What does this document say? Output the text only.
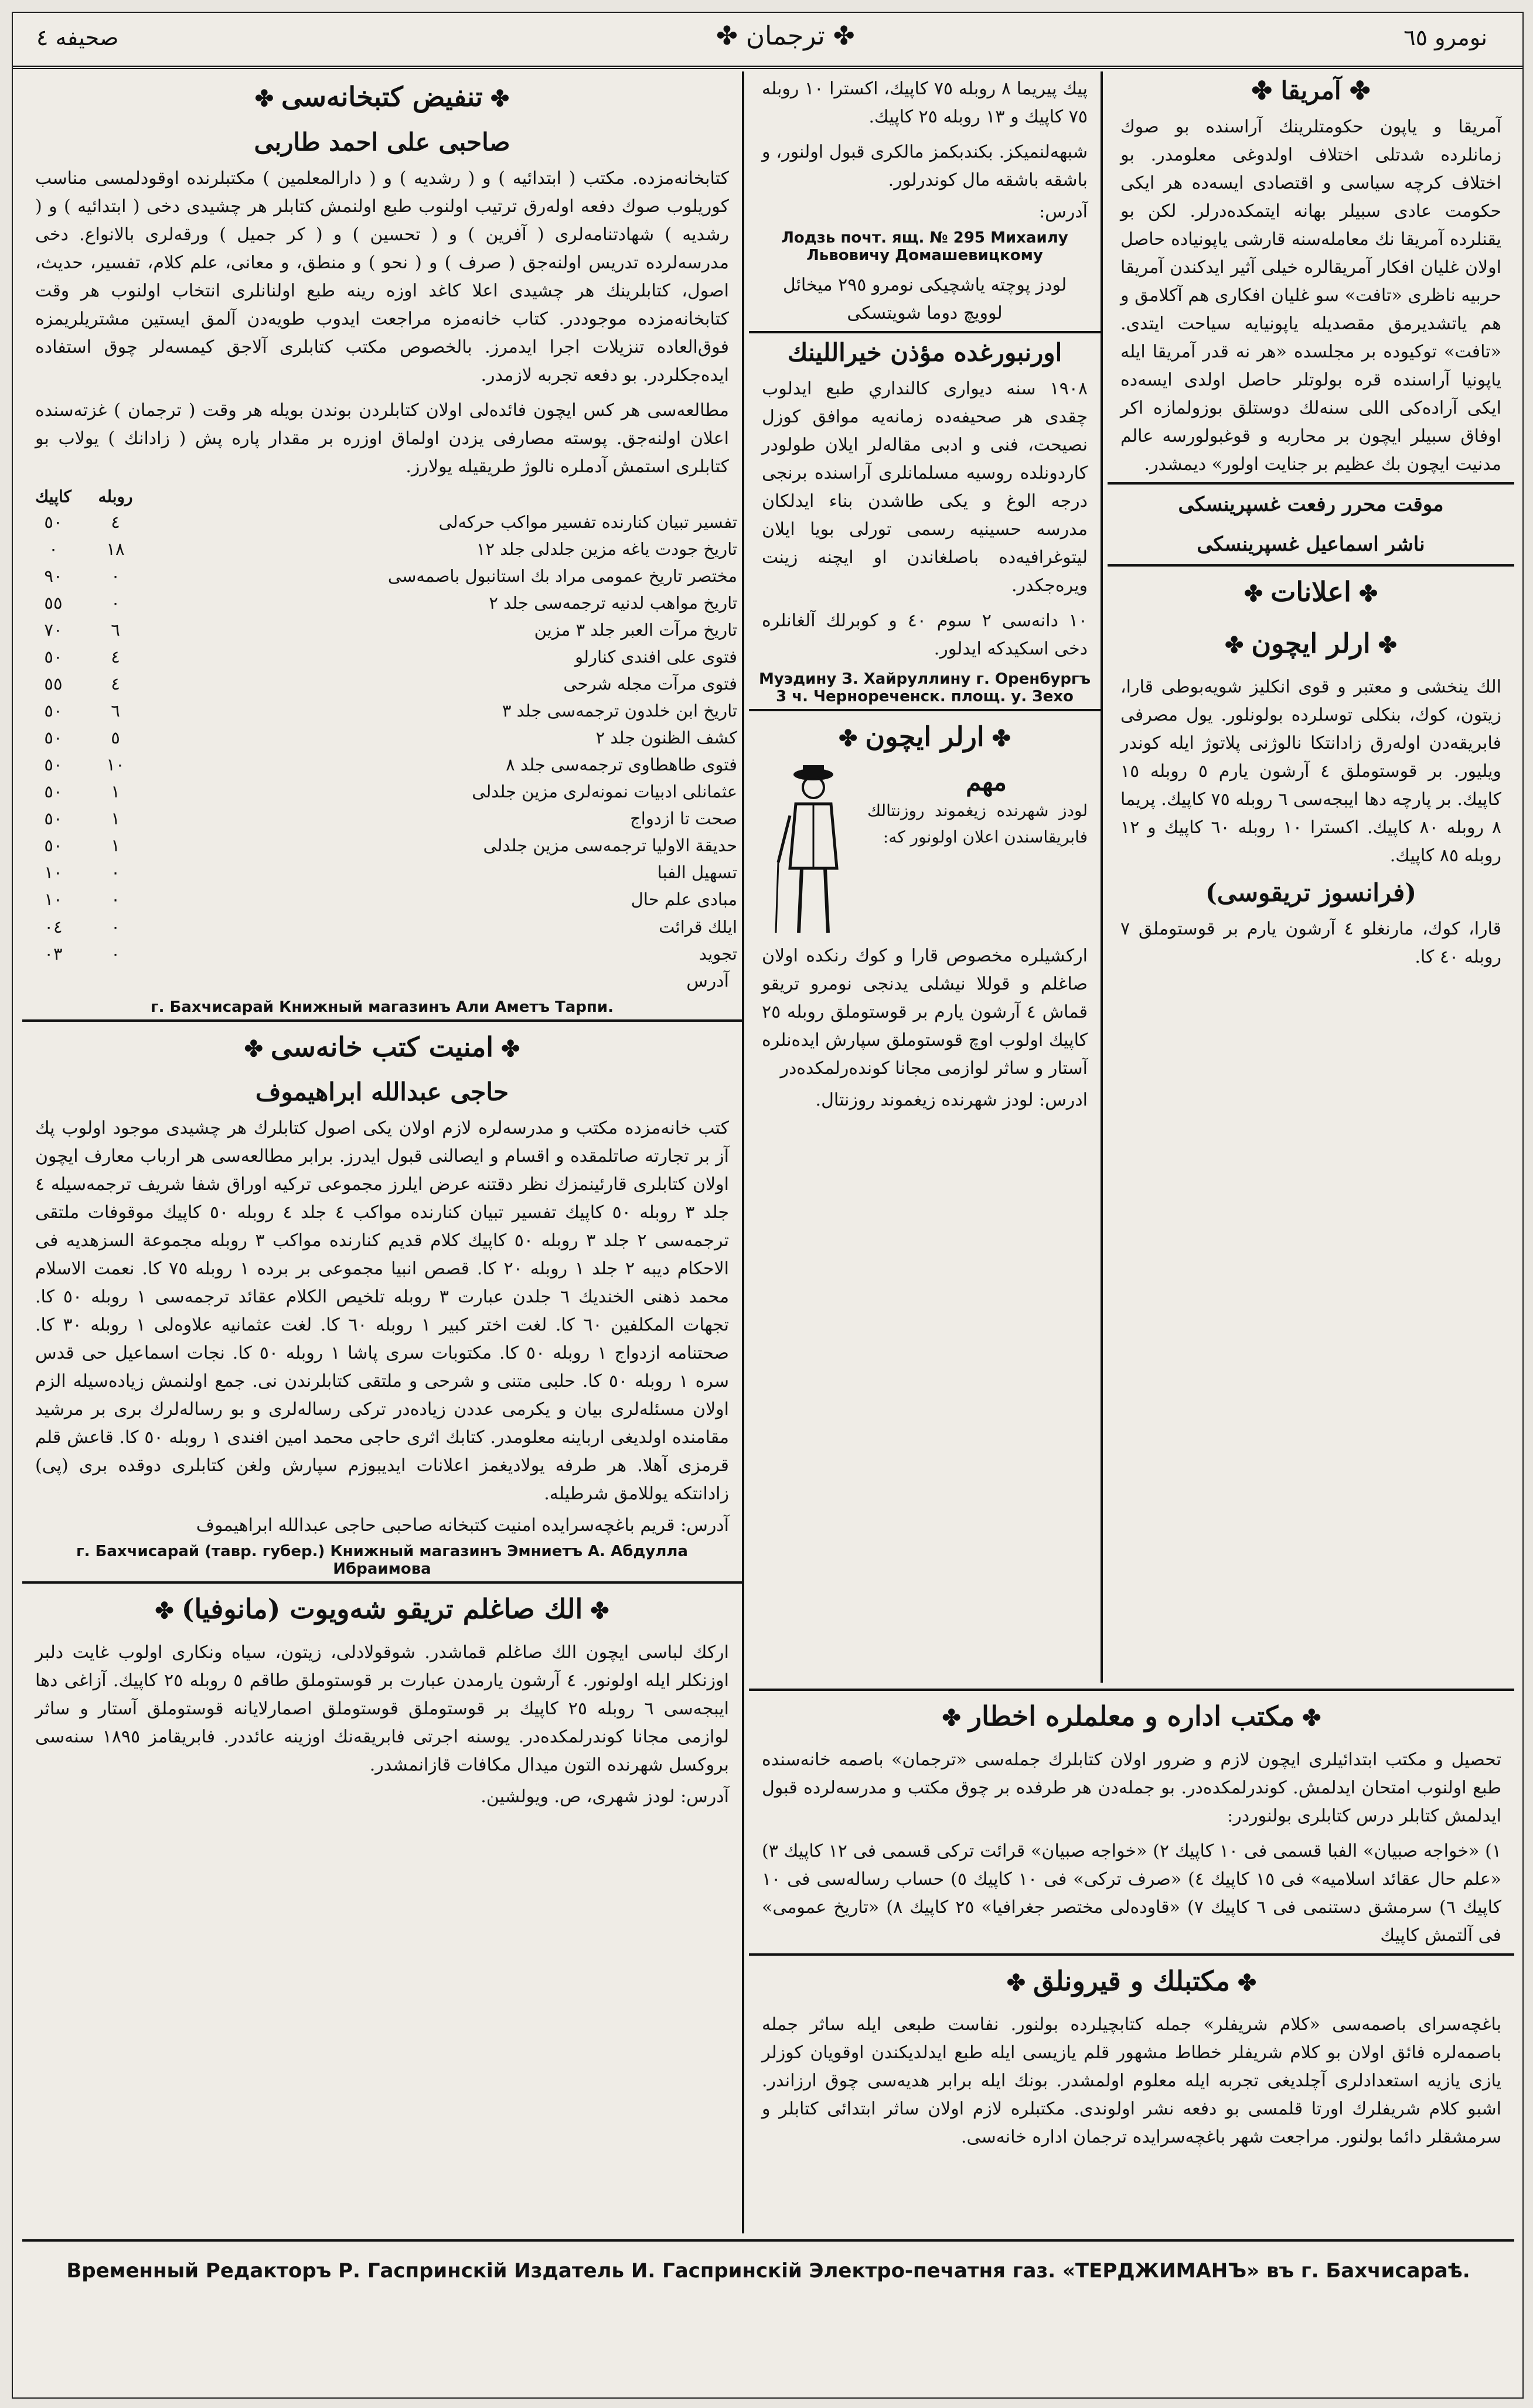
صحيفه ٤	✤ ترجمان ✤	نومرو ٦٥
✤ تنفيض كتبخانه‌سى ✤
صاحبى على احمد طاربى

كتابخانه‌مزده. مكتب ( ابتدائيه ) و ( رشديه ) و ( دارالمعلمين ) مكتبلرنده اوقو‌دلمسى مناسب كوريلوب صوك دفعه اوله‌رق ترتيب اولنوب طبع اولنمش كتابلر هر چشيدى دخى ( ابتدائيه ) و ( رشديه ) شهادتنامه‌لرى ( آفرين ) و ( تحسين ) و ( كر جميل ) ورقه‌لرى بالانواع. دخى مدرسه‌لرده تدريس اولنه‌جق ( صرف ) و ( نحو ) و منطق، و معانى، علم كلام، تفسير، حديث، اصول، كتابلرينك هر چشيدى اعلا كاغد اوزه رينه طبع اولنانلرى انتخاب اولنوب هر وقت كتابخانه‌مزده موجوددر. كتاب خانه‌مزه مراجعت ايدوب طويه‌دن آلمق ايستين مشتريلريمزه فوق‌العاده تنزيلات اجرا ايدمرز. بالخصوص مكتب كتابلرى آلاجق كيمسه‌لر چوق استفاده ايده‌جكلردر. بو دفعه تجربه لازمدر.

مطالعه‌سى هر كس ايچون فائده‌لى اولان كتابلردن بوندن بويله هر وقت ( ترجمان ) غزته‌سنده اعلان اولنه‌جق. پوسته مصارفى يزدن اولماق اوزره بر مقدار پاره پش ( زادانك ) يولاب بو كتابلرى استمش آدملره نالوژ طريقيله يولارز.

	روبله	كاپيك
تفسير تبيان كنارنده تفسير مواكب حركه‌لى	٤	٥٠
تاريخ جودت ياغه مزين جلدلى جلد ١٢	١٨	٠
مختصر تاريخ عمومى مراد بك استانبول باصمه‌سى	٠	٩٠
تاريخ مواهب لدنيه ترجمه‌سى جلد ٢	٠	٥٥
تاريخ مرآت العبر جلد ٣ مزين	٦	٧٠
فتوى على افندى كنارلو	٤	٥٠
فتوى مرآت مجله شرحى	٤	٥٥
تاريخ ابن خلدون ترجمه‌سى جلد ٣	٦	٥٠
كشف الظنون جلد ٢	٥	٥٠
فتوى طاهطاوى ترجمه‌سى جلد ٨	١٠	٥٠
عثمانلى ادبيات نمونه‌لرى مزين جلدلى	١	٥٠
صحت تا ازدواج	١	٥٠
حديقة الاوليا ترجمه‌سى مزين جلدلى	١	٥٠
تسهيل الفبا	٠	١٠
مبادى علم حال	٠	١٠
ايلك قرائت	٠	٠٤
تجويد	٠	٠٣
آدرس
г. Бахчисарай Книжный магазинъ Али Аметъ Тарпи.
✤ امنيت كتب خانه‌سى ✤
حاجى عبدالله ابراهيموف

كتب خانه‌مزده مكتب و مدرسه‌لره لازم اولان يكى اصول كتابلرك هر چشيدى موجود اولوب پك آز بر تجارته صاتلمقده و اقسام و ايصالنى قبول ايدرز. برابر مطالعه‌سى هر ارباب معارف ايچون اولان كتابلرى قارئينمزك نظر دقتنه عرض ايلرز مجموعى تركيه اوراق شفا شريف ترجمه‌سيله ٤ جلد ٣ روبله ٥٠ كاپيك تفسير تبيان كنارنده مواكب ٤ جلد ٤ روبله ٥٠ كاپيك موقوفات ملتقى ترجمه‌سى ٢ جلد ٣ روبله ٥٠ كاپيك كلام قديم كنارنده مواكب ٣ روبله مجموعة السزهديه فى الاحكام ديبه ٢ جلد ١ روبله ٢٠ كا. قصص انبيا مجموعى بر برده ١ روبله ٧٥ كا. نعمت الاسلام محمد ذهنى الخنديك ٦ جلدن عبارت ٣ روبله تلخيص الكلام عقائد ترجمه‌سى ١ روبله ٥٠ كا. تجهات المكلفين ٦٠ كا. لغت اختر كبير ١ روبله ٦٠ كا. لغت عثمانيه علاوه‌لى ١ روبله ٣٠ كا. صحتنامه ازدواج ١ روبله ٥٠ كا. مكتوبات سرى پاشا ١ روبله ٥٠ كا. نجات اسماعيل حى قدس سره ١ روبله ٥٠ كا. حلبى متنى و شرحى و ملتقى كتابلرندن نى. جمع اولنمش زياده‌سيله الزم اولان مسئله‌لرى بيان و يكرمى عددن زياده‌در تركى رساله‌لرى و بو رساله‌لرك برى بر مرشيد مقامنده اولديغى ارباينه معلومدر. كتابك اثرى حاجى محمد امين افندى ١ روبله ٥٠ كا. قاعش قلم قرمزى آهلا. هر طرفه يولاديغمز اعلانات ايديبوزم سپارش ولغن كتابلرى دوقده برى (پى) زادانتكه يوللامق شرطيله.

آدرس: قريم باغچه‌سرايده امنيت كتبخانه صاحبى حاجى عبدالله ابراهيموف
г. Бахчисарай (тавр. губер.) Книжный магазинъ Эмниетъ А. Абдулла Ибраимова
✤ الك صاغلم تريقو شه‌ويوت (مانوفيا) ✤

اركك لباسى ايچون الك صاغلم قماشدر. شوقولادلى، زيتون، سياه ونكارى اولوب غايت دلبر اوزنكلر ايله اولونور. ٤ آرشون يارمدن عبارت بر قوستوملق طاقم ٥ روبله ٢٥ كاپيك. آزاغى دها ايبجه‌سى ٦ روبله ٢٥ كاپيك بر قوستوملق قوستوملق اصمارلايانه قوستوملق آستار و ساثر لوازمى مجانا كوندرلمكده‌در. يوسنه اجرتى فابريقه‌نك اوزينه عائددر. فابريقامز ١٨٩٥ سنه‌سى بروكسل شهرنده التون ميدال مكافات قازانمشدر.

آدرس: لودز شهرى، ص. ويولشين.

پيك پيريما ٨ روبله ٧٥ كاپيك، اكسترا ١٠ روبله ٧٥ كاپيك و ١٣ روبله ٢٥ كاپيك.

شبهه‌لنميكز. بكندبكمز مالكرى قبول اولنور، و باشقه باشقه مال كوندرلور.

آدرس:
Лодзь почт. ящ. № 295 Михаилу Львовичу Домашевицкому

لودز پوچته ياشچيكى نومرو ٢٩٥ ميخائل لوويچ دوما شويتسكى

اورنبورغده مؤذن خيراللينك

١٩٠٨ سنه ديوارى كالنداري طبع ايدلوب چقدى هر صحيفه‌ده زمانه‌يه موافق كوزل نصيحت، فنى و ادبى مقاله‌لر ايلان طولودر كاردونلده روسيه مسلمانلرى آراسنده برنجى درجه الوغ و يكى طاشدن بناء ايدلكان مدرسه حسينيه رسمى تورلى بويا ايلان ليتوغرافيه‌ده باصلغاندن او ايچنه زينت ويره‌جكدر.

١٠ دانه‌سى ٢ سوم ٤٠ و كوبرلك آلغانلره دخى اسكيدكه ايدلور.

Муэдину З. Хайруллину г. Оренбургъ 3 ч. Чернореченск. площ. у. Зехо
✤ ارلر ايچون ✤
مهم

لودز شهرنده زيغموند روزنتالك فابريقاسندن اعلان اولونور كه:

اركشيلره مخصوص قارا و كوك رنكده اولان صاغلم و قوللا نيشلى يدنجى نومرو تريقو قماش ٤ آرشون يارم بر قوستوملق روبله ٢٥ كاپيك اولوب اوچ قوستوملق سپارش ايده‌نلره آستار و ساثر لوازمى مجانا كونده‌رلمكده‌در

ادرس: لودز شهرنده زيغموند روزنتال.
✤ آمريقا ✤

آمريقا و ياپون حكومتلرينك آراسنده بو صوك زمانلرده شدتلى اختلاف اولدوغى معلومدر. بو اختلاف كرچه سياسى و اقتصادى ايسه‌ده هر ايكى حكومت عادى سبيلر بهانه ايتمكده‌درلر. لكن بو يقنلرده آمريقا نك معامله‌سنه قارشى ياپونياده حاصل اولان غليان افكار آمريقالره خيلى آثير ايدكندن آمريقا حربيه ناظرى «تافت» سو غليان افكارى هم آكلامق و هم ياتشديرمق مقصديله ياپونيايه سياحت ايتدى. «تافت» توكيوده بر مجلسده «هر نه قدر آمريقا ايله ياپونيا آراسنده قره بولوتلر حاصل اولدى ايسه‌ده ايكى آراده‌كى اللى سنه‌لك دوستلق بوزولمازه اكر اوفاق سبيلر ايچون بر محاربه و قوغبولورسه عالم مدنيت ايچون بك عظيم بر جنايت اولور» ديمشدر.

موقت محرر رفعت غسپرينسكى
ناشر اسماعيل غسپرينسكى
✤ اعلانات ✤
✤ ارلر ايچون ✤

الك ينخشى و معتبر و قوى انكليز شويه‌بوطى قارا، زيتون، كوك، بنكلى توسلرده بولونلور. يول مصرفى فابريقه‌دن اوله‌رق زادانتكا نالوژنى پلاتوژ ايله كوندر ويليور. بر قوستوملق ٤ آرشون يارم ٥ روبله ١٥ كاپيك. بر پارچه دها ايبجه‌سى ٦ روبله ٧٥ كاپيك. پريما ٨ روبله ٨٠ كاپيك. اكسترا ١٠ روبله ٦٠ كاپيك و ١٢ روبله ٨٥ كاپيك.

(فرانسوز تريقوسى)

قارا، كوك، مارنغلو ٤ آرشون يارم بر قوستوملق ٧ روبله ٤٠ كا.

✤ مكتب اداره و معلملره اخطار ✤

تحصيل و مكتب ابتدائيلرى ايچون لازم و ضرور اولان كتابلرك جمله‌سى «ترجمان» باصمه خانه‌سنده طبع اولنوب امتحان ايدلمش. كوندرلمكده‌در. بو جمله‌دن هر طرفده بر چوق مكتب و مدرسه‌لرده قبول ايدلمش كتابلر درس كتابلرى بولنوردر:

١) «خواجه صبيان» الفبا قسمى فى ١٠ كاپيك ٢) «خواجه صبيان» قرائت تركى قسمى فى ١٢ كاپيك ٣) «علم حال عقائد اسلاميه» فى ١٥ كاپيك ٤) «صرف تركى» فى ١٠ كاپيك ٥) حساب رساله‌سى فى ١٠ كاپيك ٦) سرمشق دستنمى فى ٦ كاپيك ٧) «قاوده‌لى مختصر جغرافيا» ٢٥ كاپيك ٨) «تاريخ عمومى» فى آلتمش كاپيك

✤ مكتبلك و قيرونلق ✤

باغچه‌سراى باصمه‌سى «كلام شريفلر» جمله كتابچيلرده بولنور. نفاست طبعى ايله ساثر جمله باصمه‌لره فائق اولان بو كلام شريفلر خطاط مشهور قلم يازيسى ايله طبع ايدلديكندن اوقويان كوزلر يازى يازيه استعدادلرى آچلديغى تجربه ايله معلوم اولمشدر. بونك ايله برابر هديه‌سى چوق ارزاندر. اشبو كلام شريفلرك اورتا قلمسى بو دفعه نشر اولوندى. مكتبلره لازم اولان ساثر ابتدائى كتابلر و سرمشقلر دائما بولنور. مراجعت شهر باغچه‌سرايده ترجمان اداره خانه‌سى.

Временный Редакторъ Р. Гаспринскій Издатель И. Гаспринскій Электро-печатня газ. «ТЕРДЖИМАНЪ» въ г. Бахчисараѣ.
